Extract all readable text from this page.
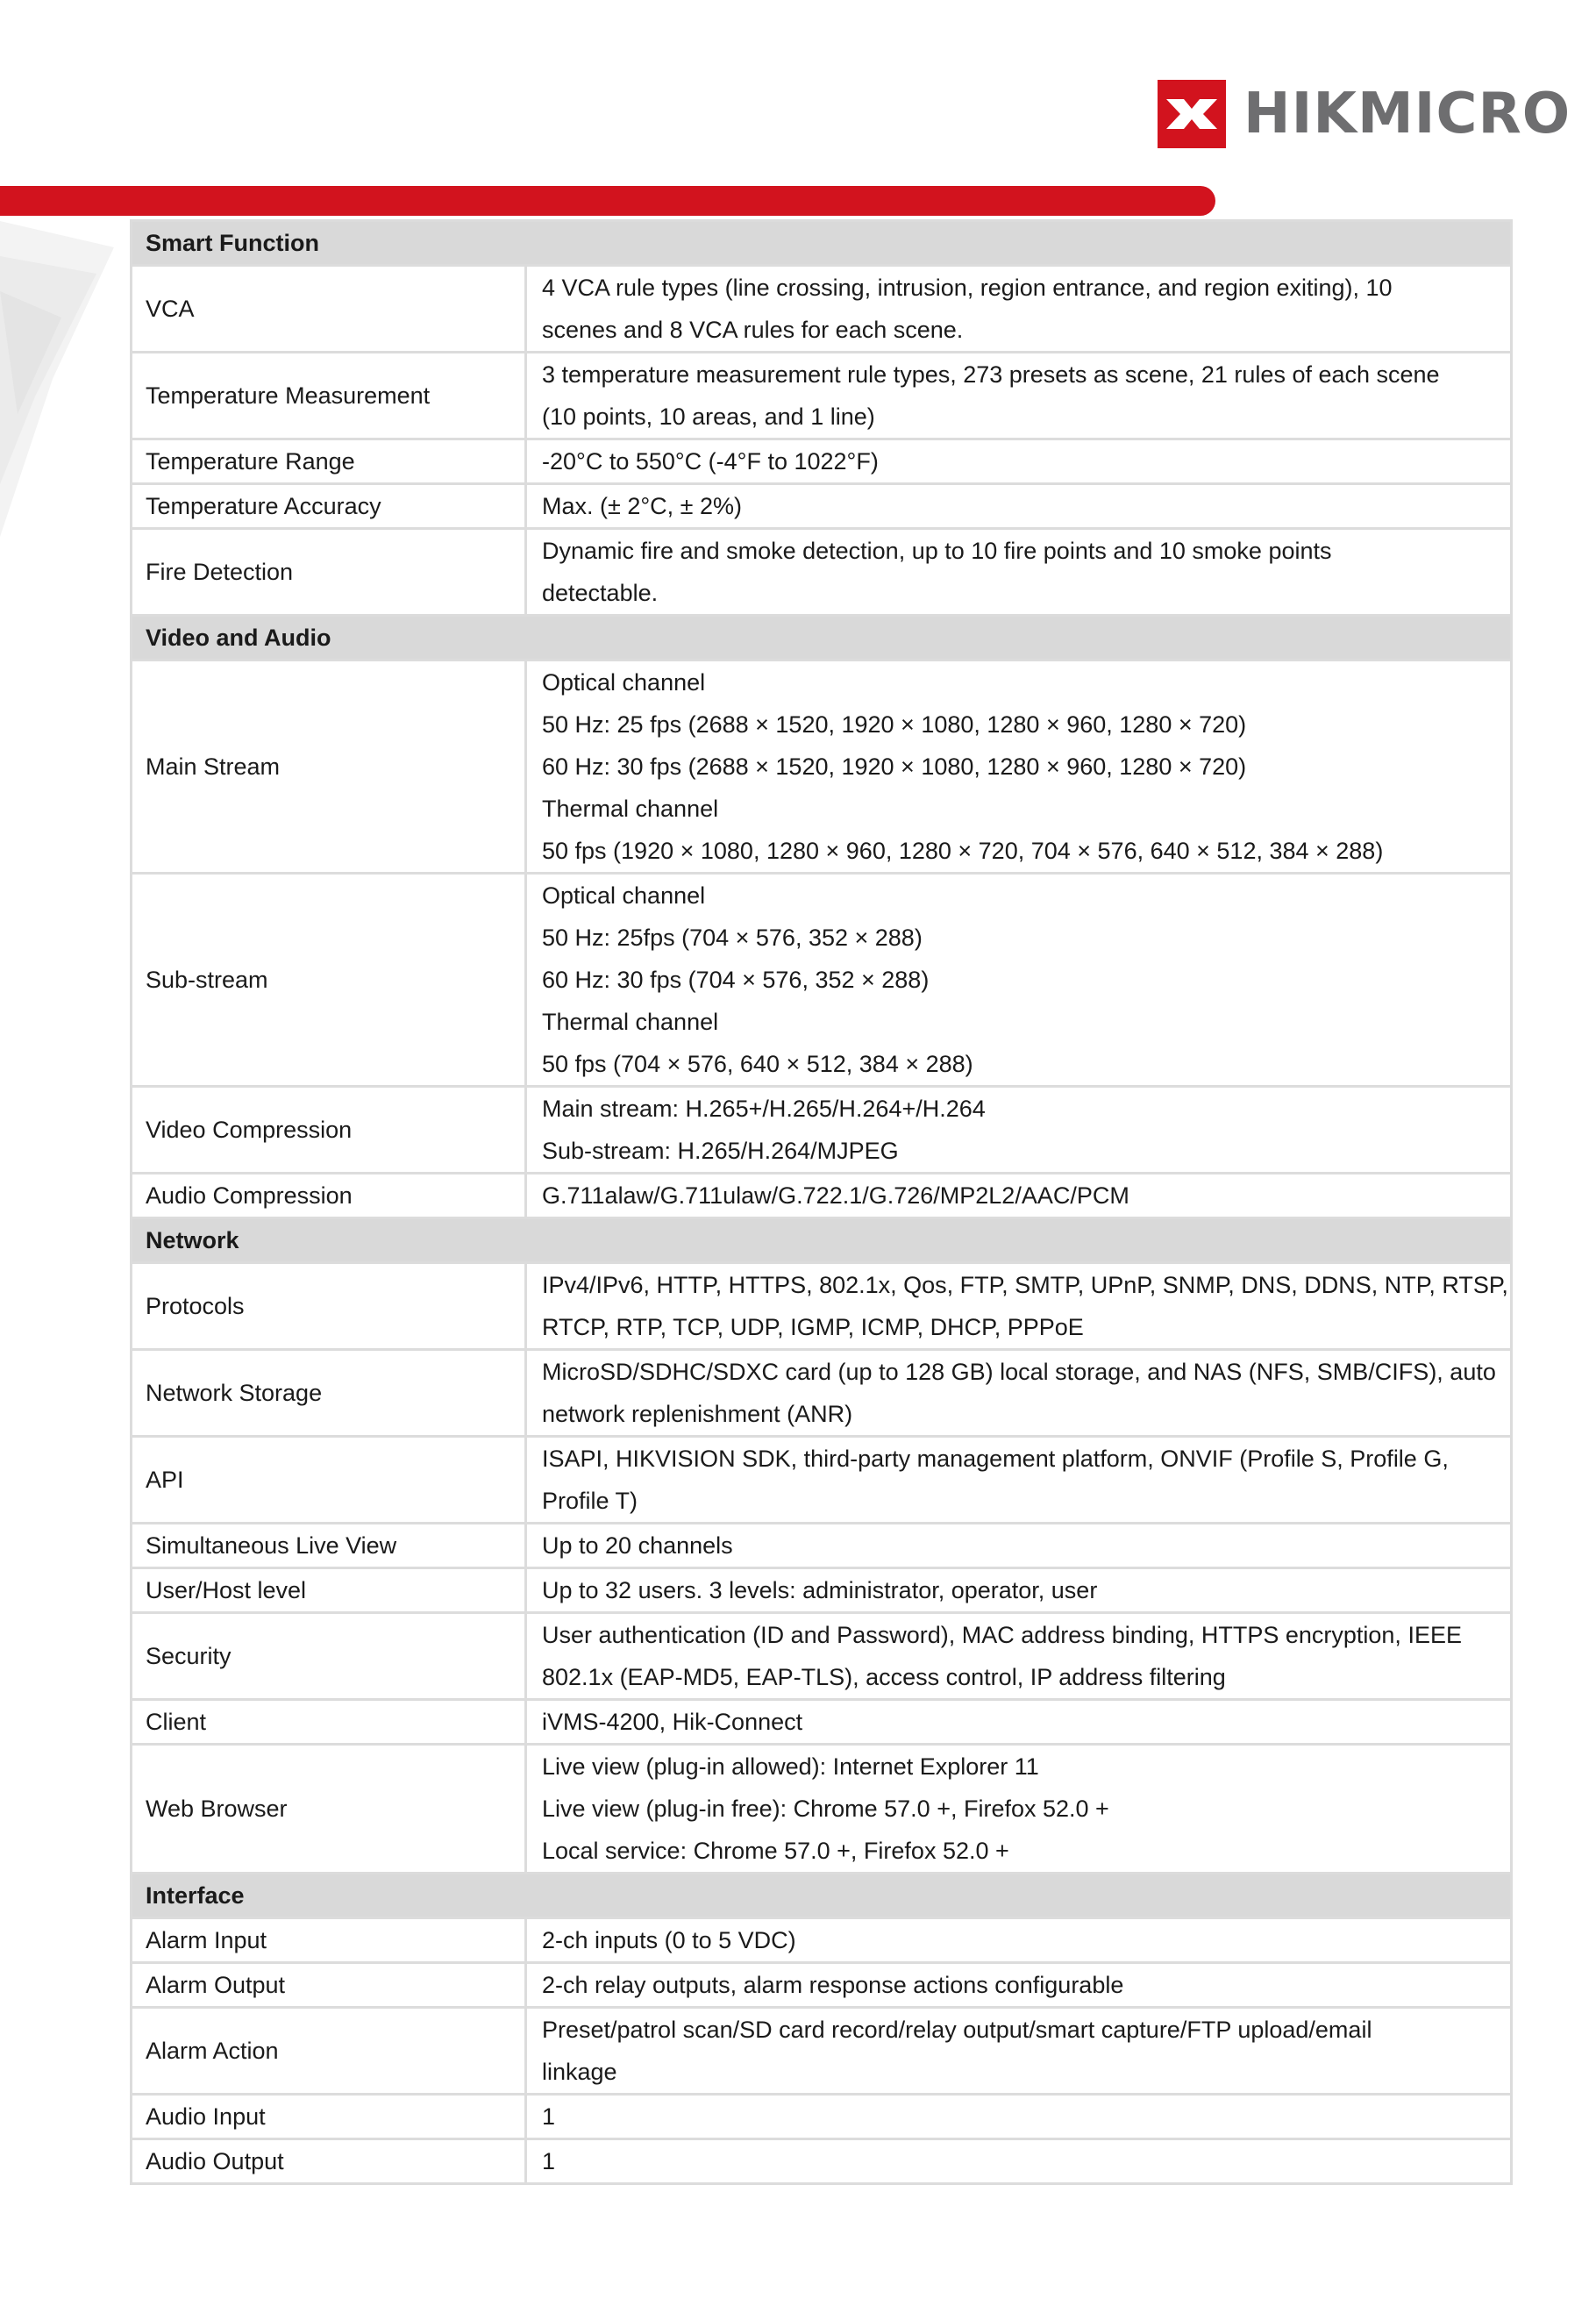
HIKMICRO
Smart Function	
VCA	4 VCA rule types (line crossing, intrusion, region entrance, and region exiting), 10
scenes and 8 VCA rules for each scene.

Temperature Measurement	3 temperature measurement rule types, 273 presets as scene, 21 rules of each scene
(10 points, 10 areas, and 1 line)

Temperature Range	-20°C to 550°C (-4°F to 1022°F)

Temperature Accuracy	Max. (± 2°C, ± 2%)

Fire Detection	Dynamic fire and smoke detection, up to 10 fire points and 10 smoke points
detectable.

Video and Audio	
Main Stream	Optical channel
50 Hz: 25 fps (2688 × 1520, 1920 × 1080, 1280 × 960, 1280 × 720)
60 Hz: 30 fps (2688 × 1520, 1920 × 1080, 1280 × 960, 1280 × 720)
Thermal channel
50 fps (1920 × 1080, 1280 × 960, 1280 × 720, 704 × 576, 640 × 512, 384 × 288)

Sub-stream	Optical channel
50 Hz: 25fps (704 × 576, 352 × 288)
60 Hz: 30 fps (704 × 576, 352 × 288)
Thermal channel
50 fps (704 × 576, 640 × 512, 384 × 288)

Video Compression	Main stream: H.265+/H.265/H.264+/H.264
Sub-stream: H.265/H.264/MJPEG

Audio Compression	G.711alaw/G.711ulaw/G.722.1/G.726/MP2L2/AAC/PCM

Network	
Protocols	IPv4/IPv6, HTTP, HTTPS, 802.1x, Qos, FTP, SMTP, UPnP, SNMP, DNS, DDNS, NTP, RTSP,
RTCP, RTP, TCP, UDP, IGMP, ICMP, DHCP, PPPoE

Network Storage	MicroSD/SDHC/SDXC card (up to 128 GB) local storage, and NAS (NFS, SMB/CIFS), auto
network replenishment (ANR)

API	ISAPI, HIKVISION SDK, third-party management platform, ONVIF (Profile S, Profile G,
Profile T)

Simultaneous Live View	Up to 20 channels

User/Host level	Up to 32 users. 3 levels: administrator, operator, user

Security	User authentication (ID and Password), MAC address binding, HTTPS encryption, IEEE
802.1x (EAP-MD5, EAP-TLS), access control, IP address filtering

Client	iVMS-4200, Hik-Connect

Web Browser	Live view (plug-in allowed): Internet Explorer 11
Live view (plug-in free): Chrome 57.0 +, Firefox 52.0 +
Local service: Chrome 57.0 +, Firefox 52.0 +

Interface	
Alarm Input	2-ch inputs (0 to 5 VDC)

Alarm Output	2-ch relay outputs, alarm response actions configurable

Alarm Action	Preset/patrol scan/SD card record/relay output/smart capture/FTP upload/email
linkage

Audio Input	1

Audio Output	1
